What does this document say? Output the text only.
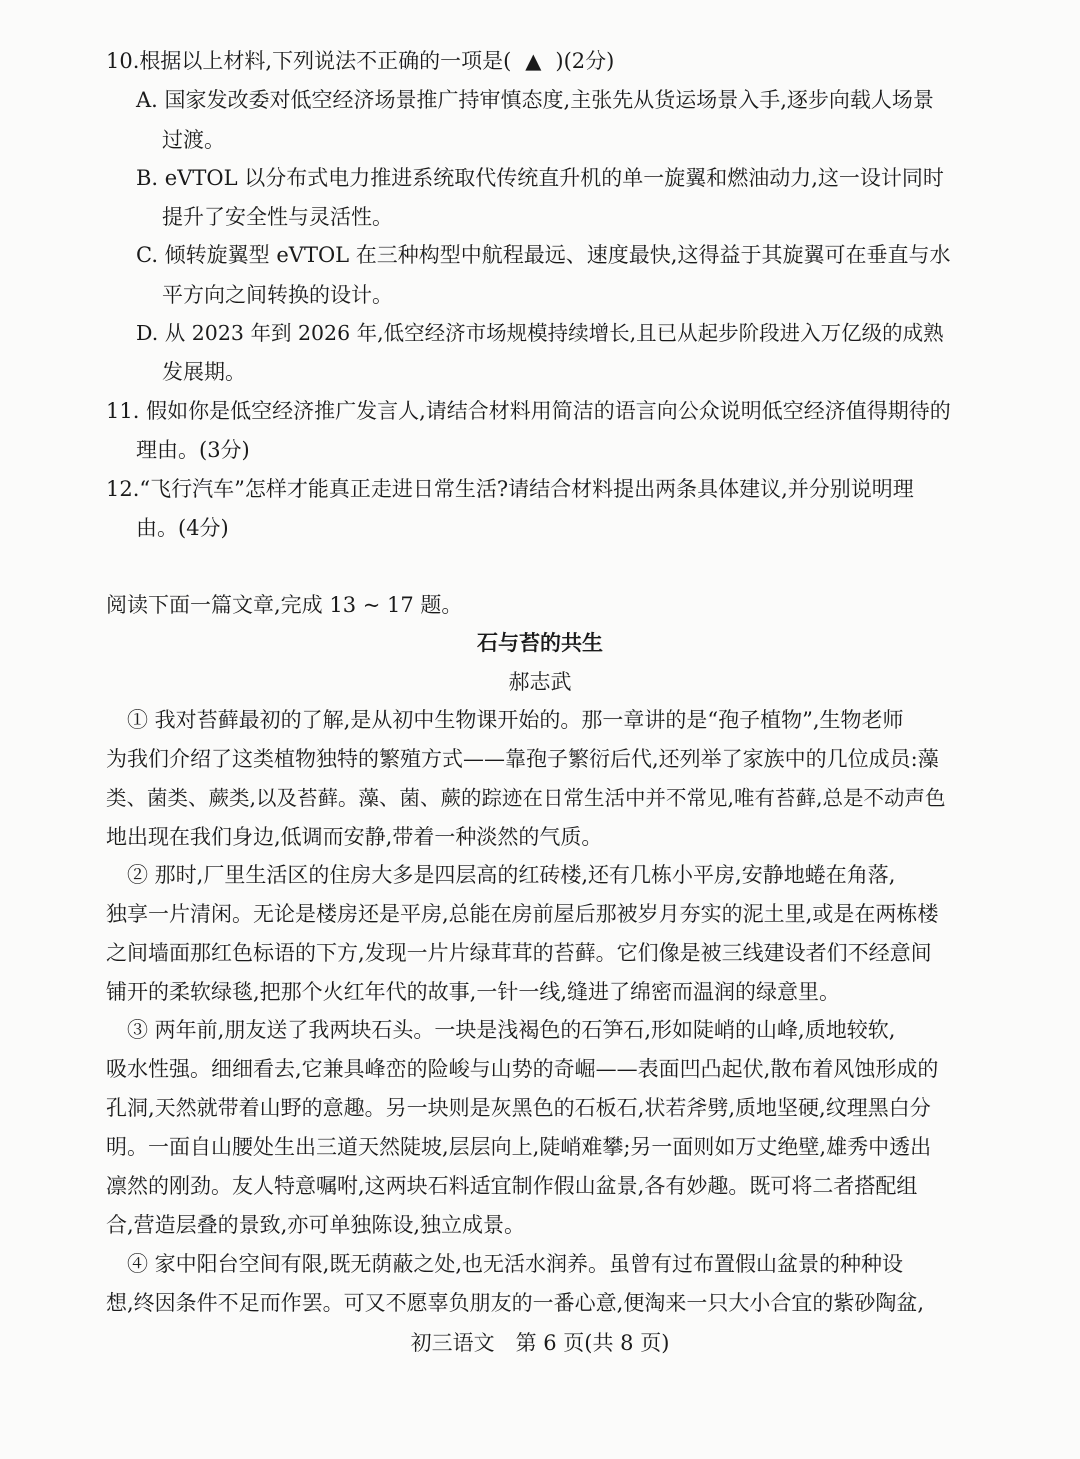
10.根据以上材料,下列说法不正确的一项是( ▲ )(2分)
A. 国家发改委对低空经济场景推广持审慎态度,主张先从货运场景入手,逐步向载人场景
过渡。
B. eVTOL 以分布式电力推进系统取代传统直升机的单一旋翼和燃油动力,这一设计同时
提升了安全性与灵活性。
C. 倾转旋翼型 eVTOL 在三种构型中航程最远、速度最快,这得益于其旋翼可在垂直与水
平方向之间转换的设计。
D. 从 2023 年到 2026 年,低空经济市场规模持续增长,且已从起步阶段进入万亿级的成熟
发展期。
11. 假如你是低空经济推广发言人,请结合材料用简洁的语言向公众说明低空经济值得期待的
理由。(3分)
12.“飞行汽车”怎样才能真正走进日常生活?请结合材料提出两条具体建议,并分别说明理
由。(4分)
阅读下面一篇文章,完成 13 ~ 17 题。
石与苔的共生
郝志武
　① 我对苔藓最初的了解,是从初中生物课开始的。那一章讲的是“孢子植物”,生物老师
为我们介绍了这类植物独特的繁殖方式——靠孢子繁衍后代,还列举了家族中的几位成员:藻
类、菌类、蕨类,以及苔藓。藻、菌、蕨的踪迹在日常生活中并不常见,唯有苔藓,总是不动声色
地出现在我们身边,低调而安静,带着一种淡然的气质。
　② 那时,厂里生活区的住房大多是四层高的红砖楼,还有几栋小平房,安静地蜷在角落,
独享一片清闲。无论是楼房还是平房,总能在房前屋后那被岁月夯实的泥土里,或是在两栋楼
之间墙面那红色标语的下方,发现一片片绿茸茸的苔藓。它们像是被三线建设者们不经意间
铺开的柔软绿毯,把那个火红年代的故事,一针一线,缝进了绵密而温润的绿意里。
　③ 两年前,朋友送了我两块石头。一块是浅褐色的石笋石,形如陡峭的山峰,质地较软,
吸水性强。细细看去,它兼具峰峦的险峻与山势的奇崛——表面凹凸起伏,散布着风蚀形成的
孔洞,天然就带着山野的意趣。另一块则是灰黑色的石板石,状若斧劈,质地坚硬,纹理黑白分
明。一面自山腰处生出三道天然陡坡,层层向上,陡峭难攀;另一面则如万丈绝壁,雄秀中透出
凛然的刚劲。友人特意嘱咐,这两块石料适宜制作假山盆景,各有妙趣。既可将二者搭配组
合,营造层叠的景致,亦可单独陈设,独立成景。
　④ 家中阳台空间有限,既无荫蔽之处,也无活水润养。虽曾有过布置假山盆景的种种设
想,终因条件不足而作罢。可又不愿辜负朋友的一番心意,便淘来一只大小合宜的紫砂陶盆,
初三语文　第 6 页(共 8 页)
